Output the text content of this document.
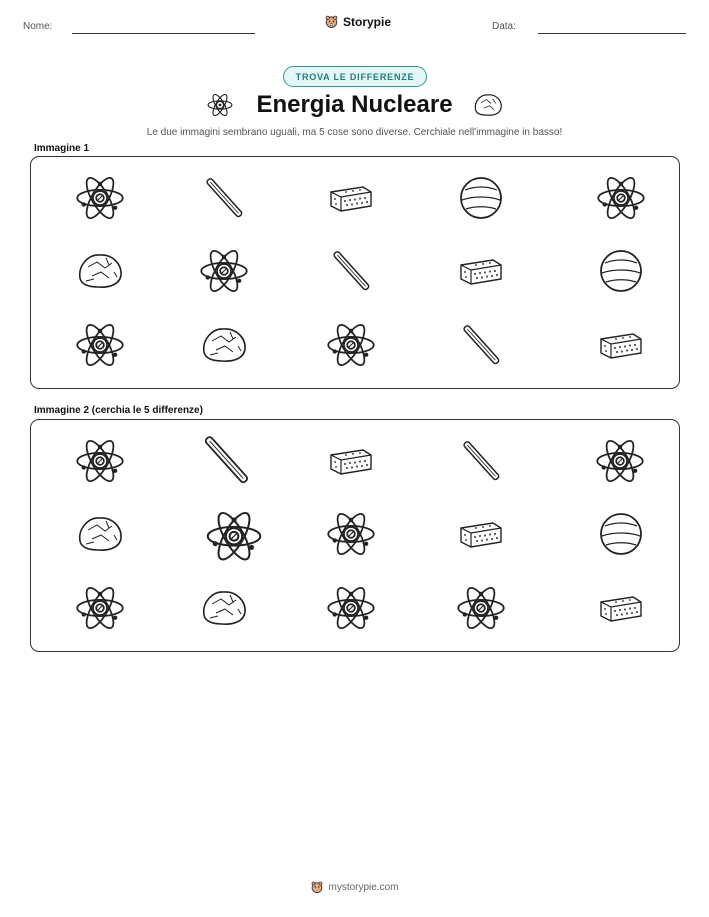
Nome:	Storypie	Data:
TROVA LE DIFFERENZE
Energia Nucleare
Le due immagini sembrano uguali, ma 5 cose sono diverse. Cerchiale nell'immagine in basso!
Immagine 1
Immagine 2 (cerchia le 5 differenze)
mystorypie.com
